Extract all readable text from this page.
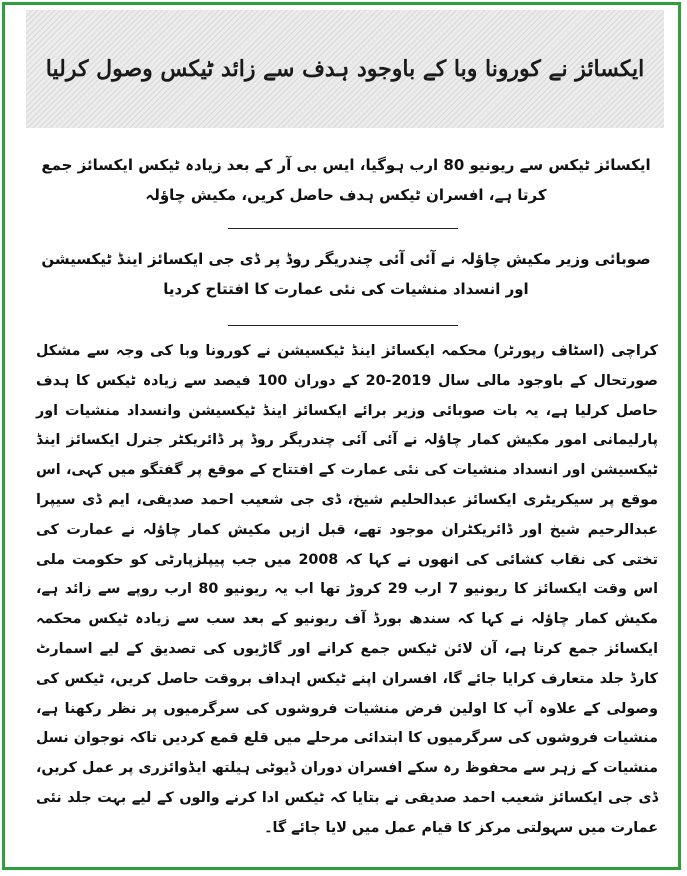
ایکسائز نے کورونا وبا کے باوجود ہدف سے زائد ٹیکس وصول کرلیا
ایکسائز ٹیکس سے ریونیو 80 ارب ہوگیا، ایس بی آر کے بعد زیادہ ٹیکس ایکسائز جمع کرتا ہے، افسران ٹیکس ہدف حاصل کریں، مکیش چاؤلہ
صوبائی وزیر مکیش چاؤلہ نے آئی آئی چندریگر روڈ پر ڈی جی ایکسائز اینڈ ٹیکسیشن اور انسداد منشیات کی نئی عمارت کا افتتاح کردیا
کراچی (اسٹاف رپورٹر) محکمہ ایکسائز اینڈ ٹیکسیشن نے کورونا وبا کی وجہ سے مشکل صورتحال کے باوجود مالی سال 2019-20 کے دوران 100 فیصد سے زیادہ ٹیکس کا ہدف حاصل کرلیا ہے، یہ بات صوبائی وزیر برائے ایکسائز اینڈ ٹیکسیشن وانسداد منشیات اور پارلیمانی امور مکیش کمار چاؤلہ نے آئی آئی چندریگر روڈ پر ڈائریکٹر جنرل ایکسائز اینڈ ٹیکسیشن اور انسداد منشیات کی نئی عمارت کے افتتاح کے موقع پر گفتگو میں کہی، اس موقع پر سیکریٹری ایکسائز عبدالحلیم شیخ، ڈی جی شعیب احمد صدیقی، ایم ڈی سیپرا عبدالرحیم شیخ اور ڈائریکٹران موجود تھے، قبل ازیں مکیش کمار چاؤلہ نے عمارت کی تختی کی نقاب کشائی کی انھوں نے کہا کہ 2008 میں جب پیپلزپارٹی کو حکومت ملی اس وقت ایکسائز کا ریونیو 7 ارب 29 کروڑ تھا اب یہ ریونیو 80 ارب روپے سے زائد ہے، مکیش کمار چاؤلہ نے کہا کہ سندھ بورڈ آف ریونیو کے بعد سب سے زیادہ ٹیکس محکمہ ایکسائز جمع کرتا ہے، آن لائن ٹیکس جمع کرانے اور گاڑیوں کی تصدیق کے لیے اسمارٹ کارڈ جلد متعارف کرایا جائے گا، افسران اپنے ٹیکس اہداف بروقت حاصل کریں، ٹیکس کی وصولی کے علاوہ آپ کا اولین فرض منشیات فروشوں کی سرگرمیوں پر نظر رکھنا ہے، منشیات فروشوں کی سرگرمیوں کا ابتدائی مرحلے میں قلع قمع کردیں تاکہ نوجوان نسل منشیات کے زہر سے محفوظ رہ سکے افسران دوران ڈیوٹی ہیلتھ ایڈوائزری پر عمل کریں، ڈی جی ایکسائز شعیب احمد صدیقی نے بتایا کہ ٹیکس ادا کرنے والوں کے لیے بہت جلد نئی عمارت میں سہولتی مرکز کا قیام عمل میں لایا جائے گا۔
